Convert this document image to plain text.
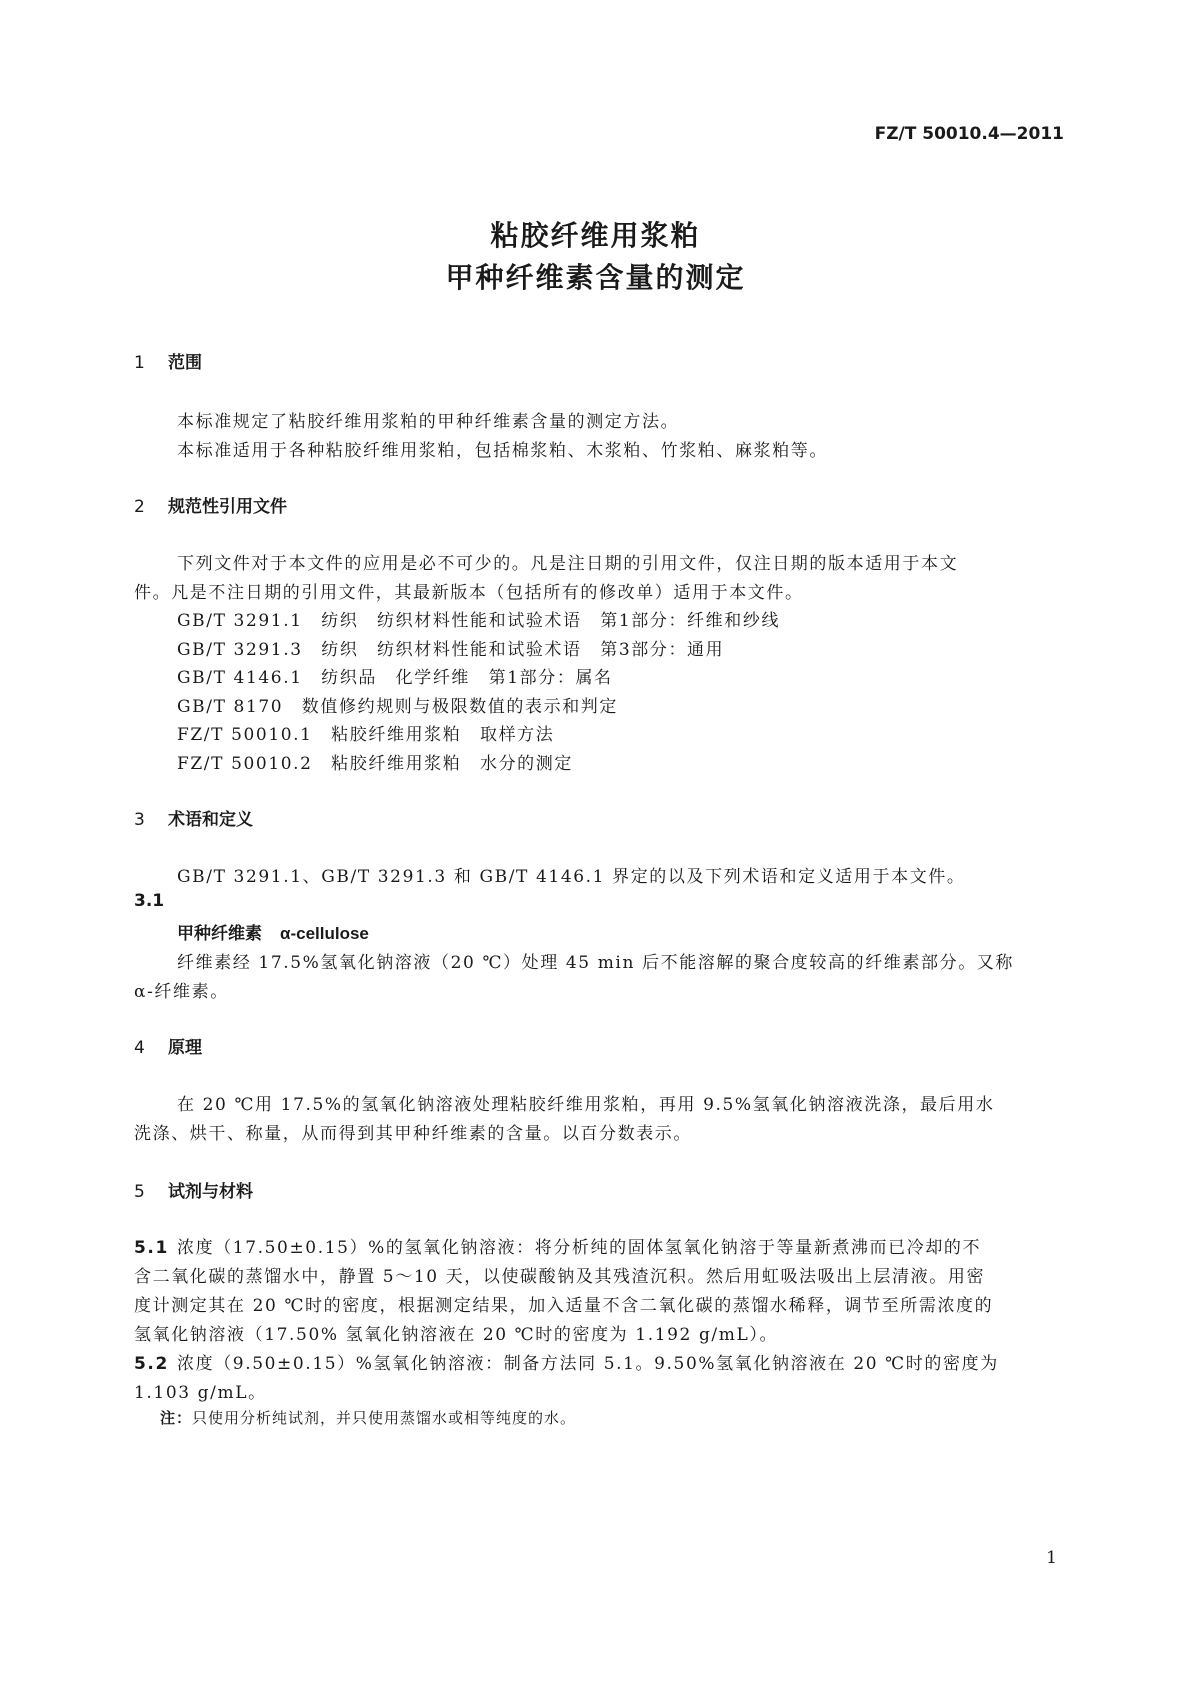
FZ/T 50010.4—2011
粘胶纤维用浆粕
甲种纤维素含量的测定
1 范围
本标准规定了粘胶纤维用浆粕的甲种纤维素含量的测定方法。
本标准适用于各种粘胶纤维用浆粕，包括棉浆粕、木浆粕、竹浆粕、麻浆粕等。
2 规范性引用文件
下列文件对于本文件的应用是必不可少的。凡是注日期的引用文件，仅注日期的版本适用于本文
件。凡是不注日期的引用文件，其最新版本（包括所有的修改单）适用于本文件。
GB/T 3291.1　纺织　纺织材料性能和试验术语　第1部分：纤维和纱线
GB/T 3291.3　纺织　纺织材料性能和试验术语　第3部分：通用
GB/T 4146.1　纺织品　化学纤维　第1部分：属名
GB/T 8170　数值修约规则与极限数值的表示和判定
FZ/T 50010.1　粘胶纤维用浆粕　取样方法
FZ/T 50010.2　粘胶纤维用浆粕　水分的测定
3 术语和定义
GB/T 3291.1、GB/T 3291.3 和 GB/T 4146.1 界定的以及下列术语和定义适用于本文件。
3.1
甲种纤维素 α-cellulose
纤维素经 17.5%氢氧化钠溶液（20 ℃）处理 45 min 后不能溶解的聚合度较高的纤维素部分。又称
α-纤维素。
4 原理
在 20 ℃用 17.5%的氢氧化钠溶液处理粘胶纤维用浆粕，再用 9.5%氢氧化钠溶液洗涤，最后用水
洗涤、烘干、称量，从而得到其甲种纤维素的含量。以百分数表示。
5 试剂与材料
5.1 浓度（17.50±0.15）%的氢氧化钠溶液：将分析纯的固体氢氧化钠溶于等量新煮沸而已冷却的不
含二氧化碳的蒸馏水中，静置 5～10 天，以使碳酸钠及其残渣沉积。然后用虹吸法吸出上层清液。用密
度计测定其在 20 ℃时的密度，根据测定结果，加入适量不含二氧化碳的蒸馏水稀释，调节至所需浓度的
氢氧化钠溶液（17.50% 氢氧化钠溶液在 20 ℃时的密度为 1.192 g/mL）。
5.2 浓度（9.50±0.15）%氢氧化钠溶液：制备方法同 5.1。9.50%氢氧化钠溶液在 20 ℃时的密度为
1.103 g/mL。
注：只使用分析纯试剂，并只使用蒸馏水或相等纯度的水。
1
